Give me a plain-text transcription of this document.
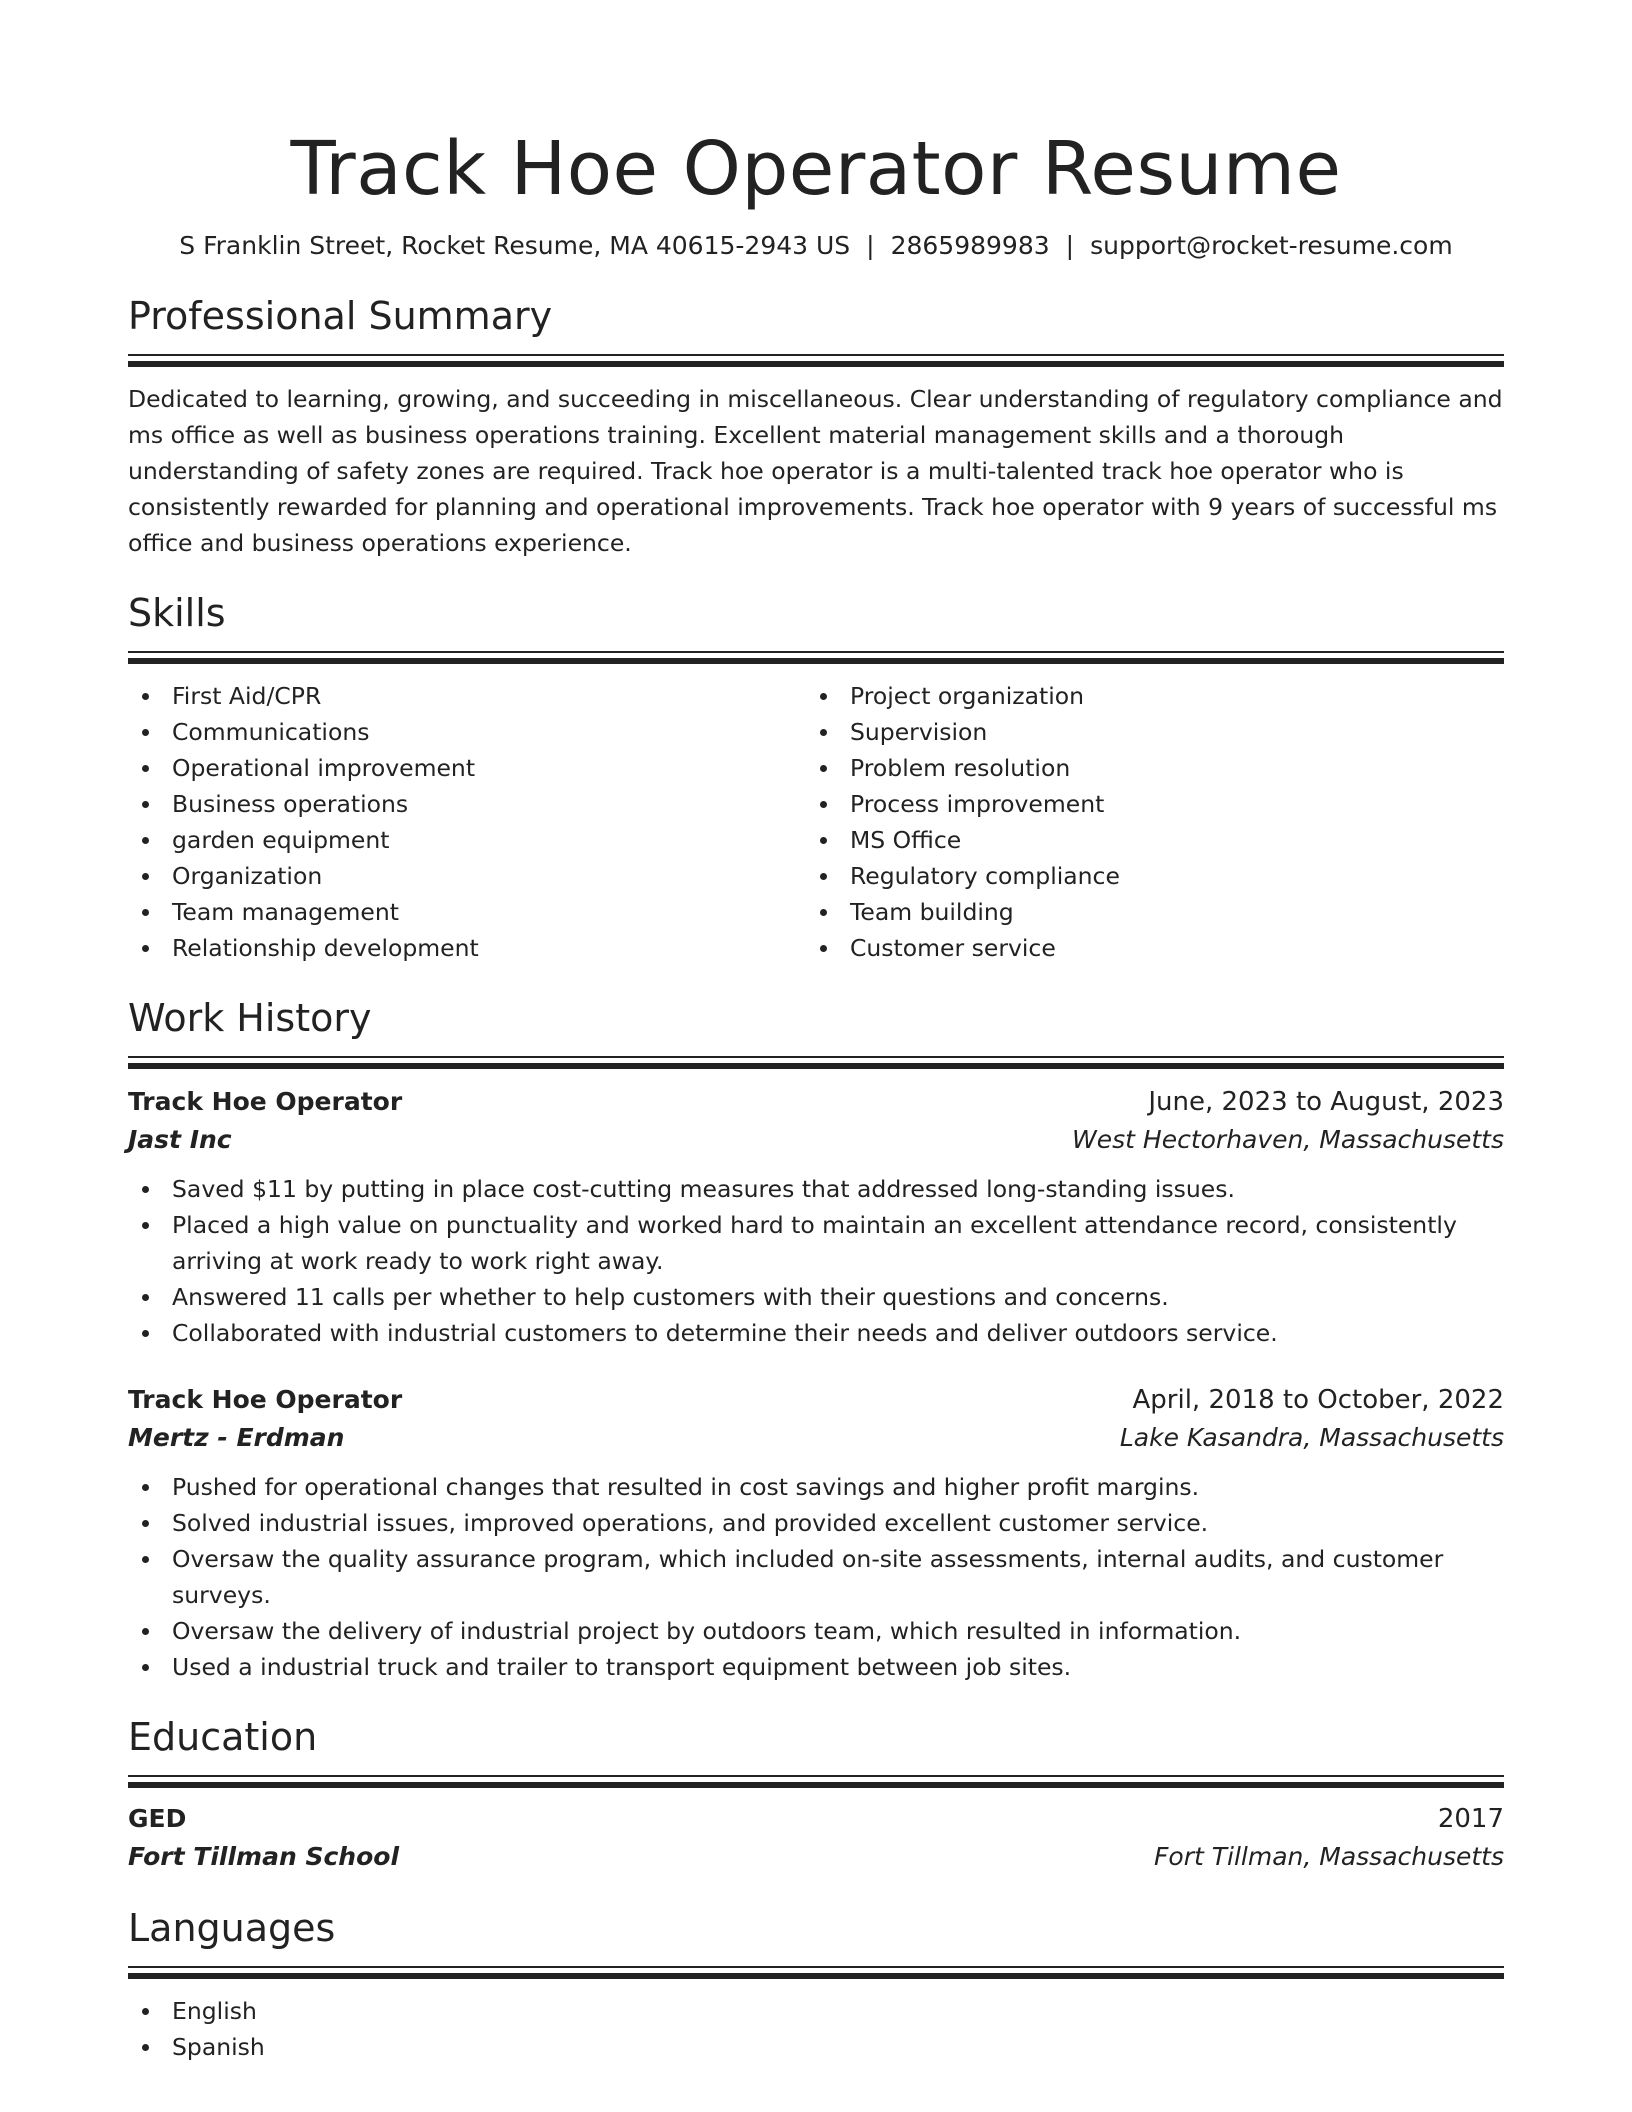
Track Hoe Operator Resume
S Franklin Street, Rocket Resume, MA 40615-2943 US | 2865989983 | support@rocket-resume.com
Professional Summary

Dedicated to learning, growing, and succeeding in miscellaneous. Clear understanding of regulatory compliance and ms office as well as business operations training. Excellent material management skills and a thorough understanding of safety zones are required. Track hoe operator is a multi-talented track hoe operator who is consistently rewarded for planning and operational improvements. Track hoe operator with 9 years of successful ms office and business operations experience.

Skills
First Aid/CPR
Communications
Operational improvement
Business operations
garden equipment
Organization
Team management
Relationship development
Project organization
Supervision
Problem resolution
Process improvement
MS Office
Regulatory compliance
Team building
Customer service
Work History
Track Hoe Operator	June, 2023 to August, 2023
Jast Inc	West Hectorhaven, Massachusetts
Saved $11 by putting in place cost-cutting measures that addressed long-standing issues.
Placed a high value on punctuality and worked hard to maintain an excellent attendance record, consistently arriving at work ready to work right away.
Answered 11 calls per whether to help customers with their questions and concerns.
Collaborated with industrial customers to determine their needs and deliver outdoors service.
Track Hoe Operator	April, 2018 to October, 2022
Mertz - Erdman	Lake Kasandra, Massachusetts
Pushed for operational changes that resulted in cost savings and higher profit margins.
Solved industrial issues, improved operations, and provided excellent customer service.
Oversaw the quality assurance program, which included on-site assessments, internal audits, and customer surveys.
Oversaw the delivery of industrial project by outdoors team, which resulted in information.
Used a industrial truck and trailer to transport equipment between job sites.
Education
GED	2017
Fort Tillman School	Fort Tillman, Massachusetts
Languages
English
Spanish
